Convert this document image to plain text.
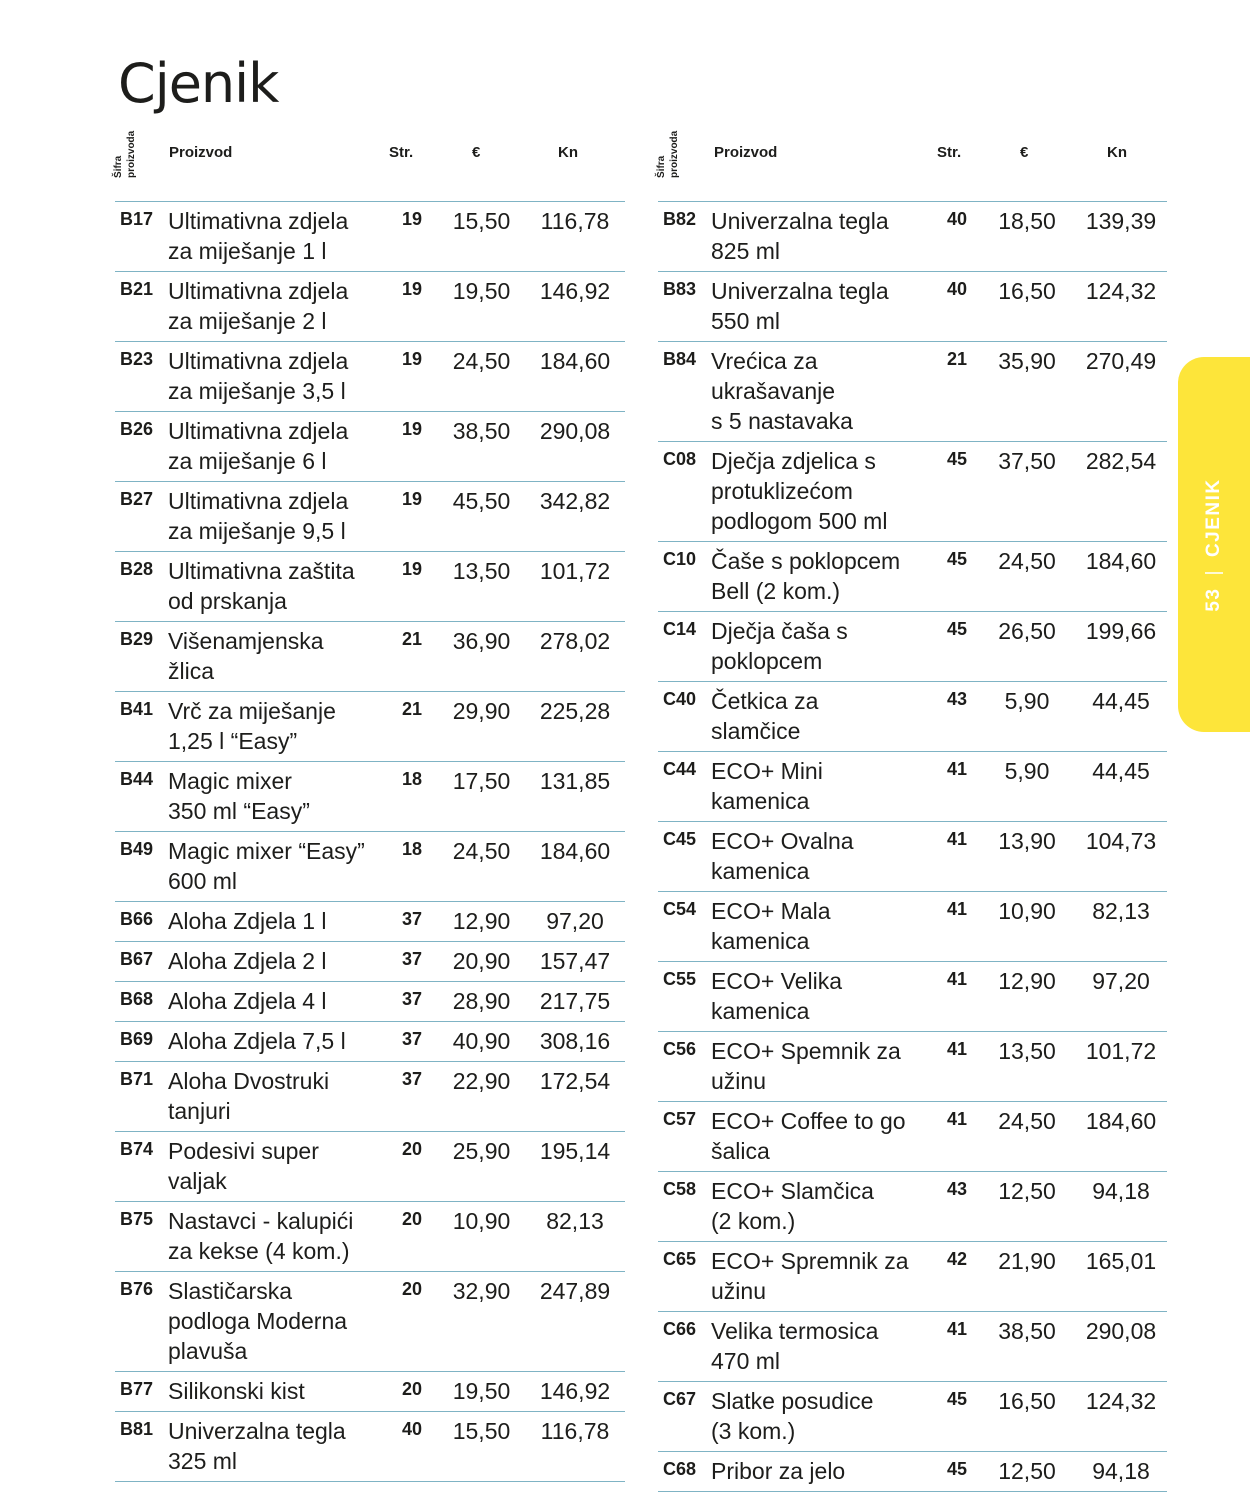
Cjenik
Šifra proizvoda Proizvod	Str.	€	Kn
B17 Ultimativna zdjela
za miješanje 1 l
19	15,50	116,78
B21 Ultimativna zdjela
za miješanje 2 l
19	19,50	146,92
B23 Ultimativna zdjela
za miješanje 3,5 l
19	24,50	184,60
B26 Ultimativna zdjela
za miješanje 6 l
19	38,50	290,08
B27 Ultimativna zdjela
za miješanje 9,5 l
19	45,50	342,82
B28 Ultimativna zaštita
od prskanja
19	13,50	101,72
B29 Višenamjenska
žlica
21	36,90	278,02
B41 Vrč za miješanje
1,25 l “Easy”
21	29,90	225,28
B44 Magic mixer
350 ml “Easy”
18	17,50	131,85
B49 Magic mixer “Easy”
600 ml
18	24,50	184,60
B66 Aloha Zdjela 1 l	37	12,90	97,20
B67 Aloha Zdjela 2 l	37	20,90	157,47
B68 Aloha Zdjela 4 l	37	28,90	217,75
B69 Aloha Zdjela 7,5 l	37	40,90	308,16
B71 Aloha Dvostruki
tanjuri
37	22,90	172,54
B74 Podesivi super
valjak
20	25,90	195,14
B75 Nastavci - kalupići
za kekse (4 kom.)
20	10,90	82,13
B76 Slastičarska
podloga Moderna
plavuša
20	32,90	247,89
B77 Silikonski kist	20	19,50	146,92
B81 Univerzalna tegla
325 ml
40	15,50	116,78
Šifra proizvoda Proizvod	Str.	€	Kn
B82 Univerzalna tegla
825 ml
40	18,50	139,39
B83 Univerzalna tegla
550 ml
40	16,50	124,32
B84 Vrećica za
ukrašavanje
s 5 nastavaka
21	35,90	270,49
C08 Dječja zdjelica s
protuklizećom
podlogom 500 ml
45	37,50	282,54
C10 Čaše s poklopcem
Bell (2 kom.)
45	24,50	184,60
C14 Dječja čaša s
poklopcem
45	26,50	199,66
C40 Četkica za
slamčice
43	5,90	44,45
C44 ECO+ Mini
kamenica
41	5,90	44,45
C45 ECO+ Ovalna
kamenica
41	13,90	104,73
C54 ECO+ Mala
kamenica
41	10,90	82,13
C55 ECO+ Velika
kamenica
41	12,90	97,20
C56 ECO+ Spemnik za
užinu
41	13,50	101,72
C57 ECO+ Coffee to go
šalica
41	24,50	184,60
C58 ECO+ Slamčica
(2 kom.)
43	12,50	94,18
C65 ECO+ Spremnik za
užinu
42	21,90	165,01
C66 Velika termosica
470 ml
41	38,50	290,08
C67 Slatke posudice
(3 kom.)
45	16,50	124,32
C68 Pribor za jelo	45	12,50	94,18
53|CJENIK
